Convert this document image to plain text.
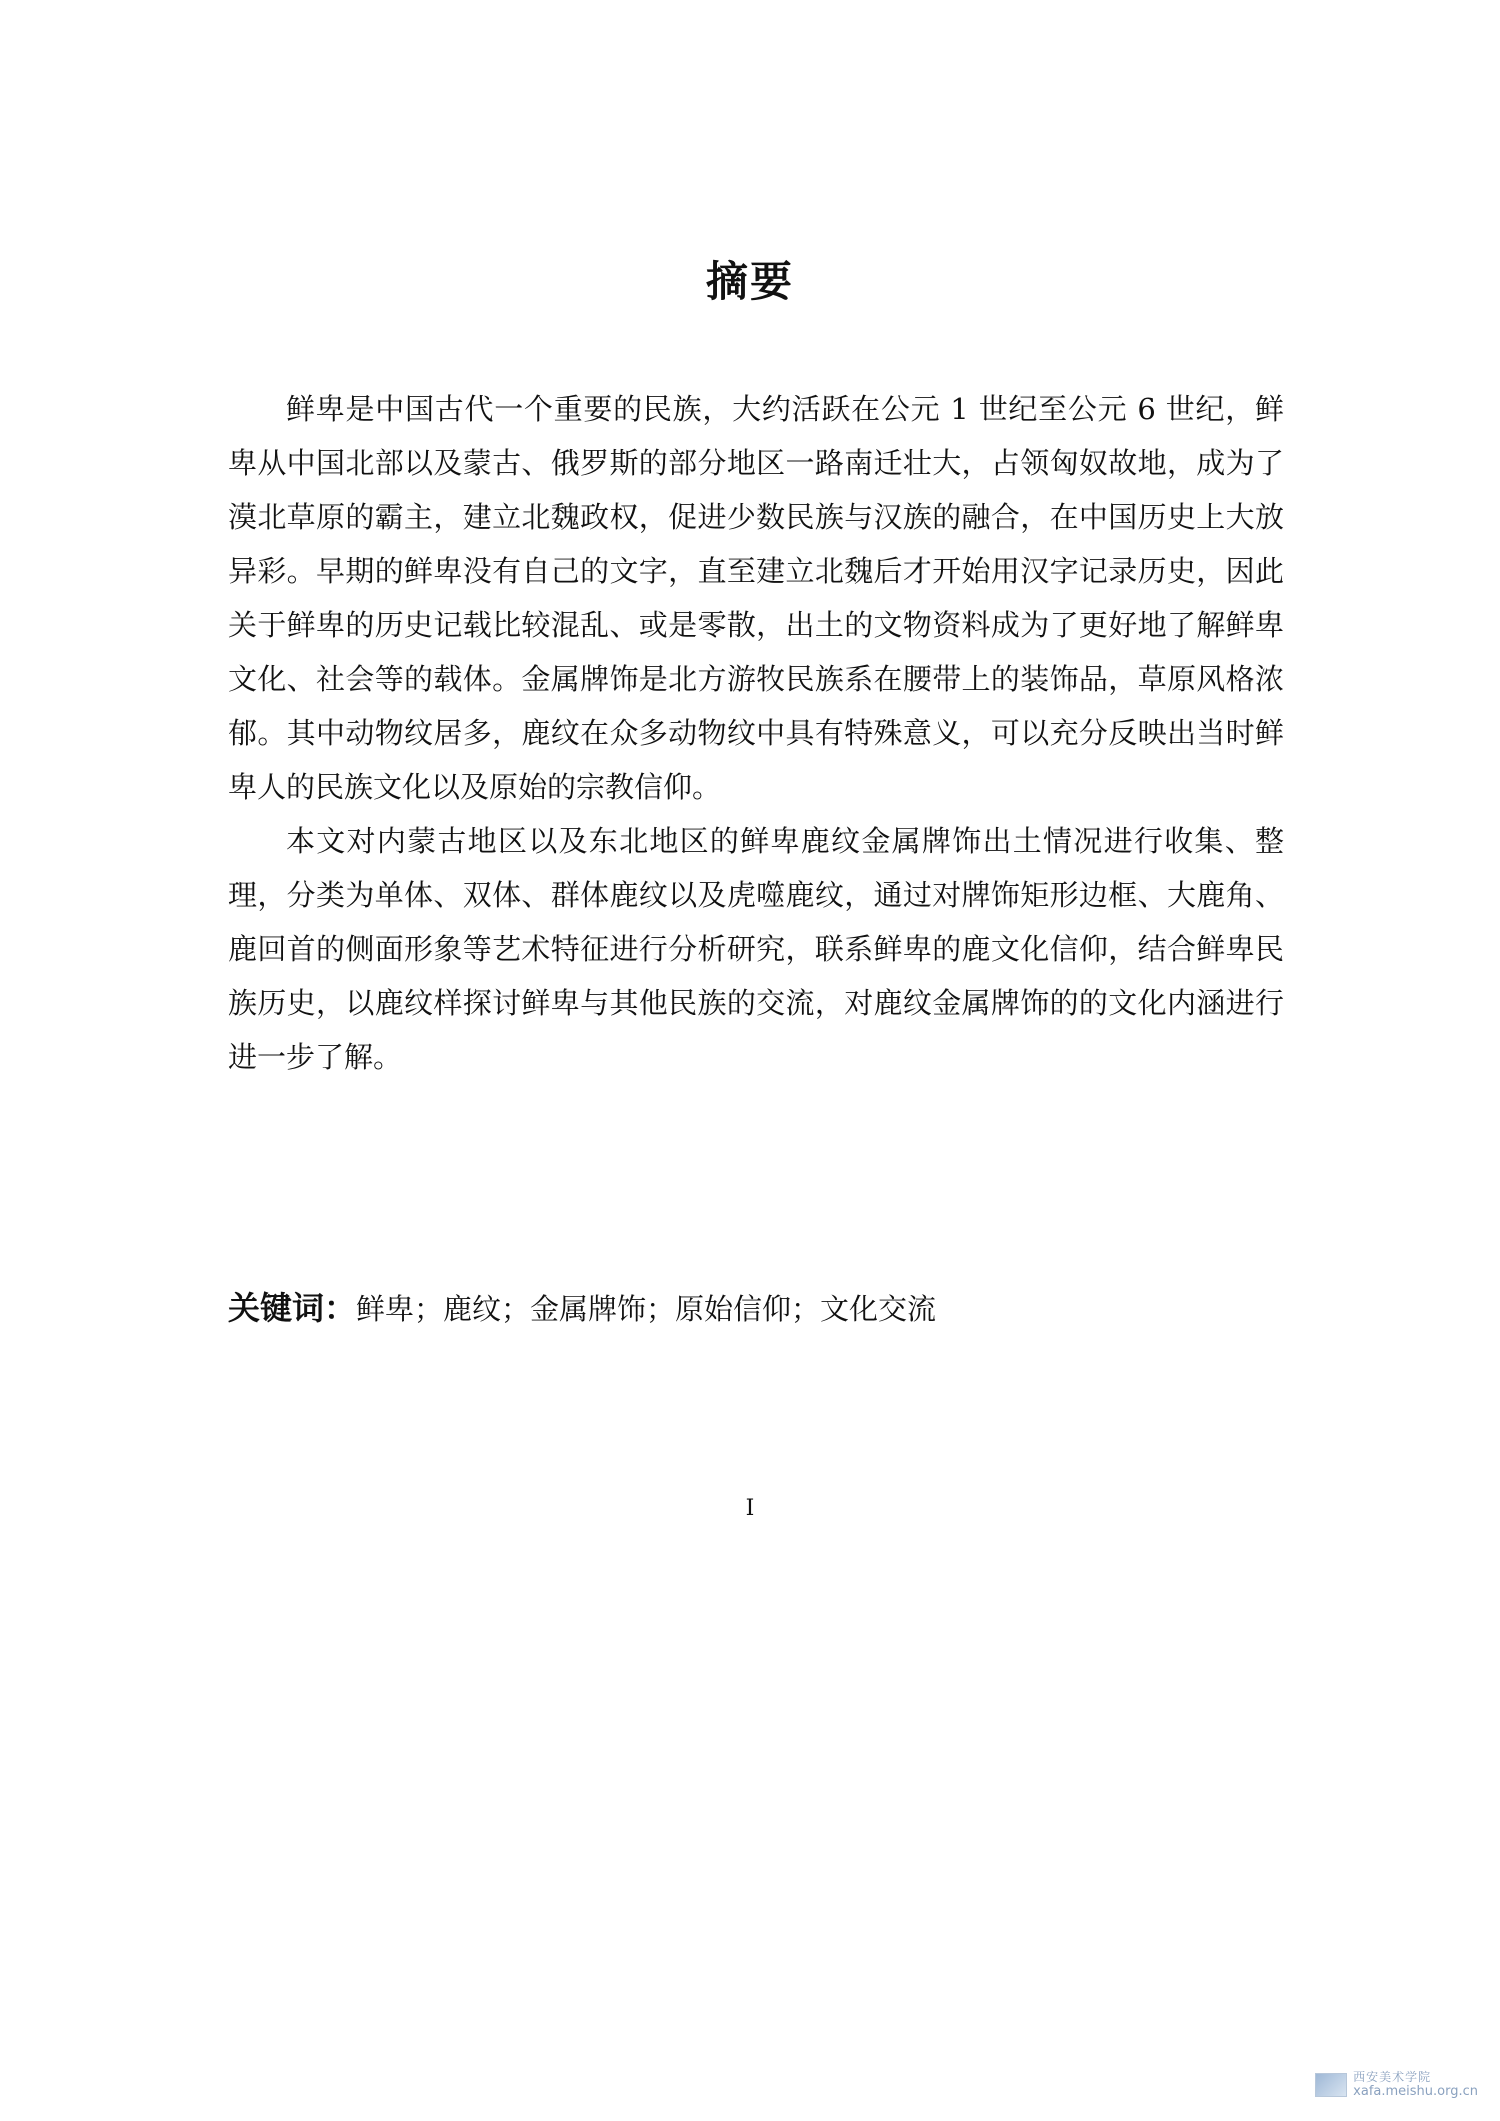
摘要

鲜卑是中国古代一个重要的民族，大约活跃在公元 1 世纪至公元 6 世纪，鲜卑从中国北部以及蒙古、俄罗斯的部分地区一路南迁壮大，占领匈奴故地，成为了漠北草原的霸主，建立北魏政权，促进少数民族与汉族的融合，在中国历史上大放异彩。早期的鲜卑没有自己的文字，直至建立北魏后才开始用汉字记录历史，因此关于鲜卑的历史记载比较混乱、或是零散，出土的文物资料成为了更好地了解鲜卑文化、社会等的载体。金属牌饰是北方游牧民族系在腰带上的装饰品，草原风格浓郁。其中动物纹居多，鹿纹在众多动物纹中具有特殊意义，可以充分反映出当时鲜卑人的民族文化以及原始的宗教信仰。

本文对内蒙古地区以及东北地区的鲜卑鹿纹金属牌饰出土情况进行收集、整理，分类为单体、双体、群体鹿纹以及虎噬鹿纹，通过对牌饰矩形边框、大鹿角、鹿回首的侧面形象等艺术特征进行分析研究，联系鲜卑的鹿文化信仰，结合鲜卑民族历史，以鹿纹样探讨鲜卑与其他民族的交流，对鹿纹金属牌饰的的文化内涵进行进一步了解。

关键词：鲜卑；鹿纹；金属牌饰；原始信仰；文化交流

I
西安美术学院
xafa.meishu.org.cn
